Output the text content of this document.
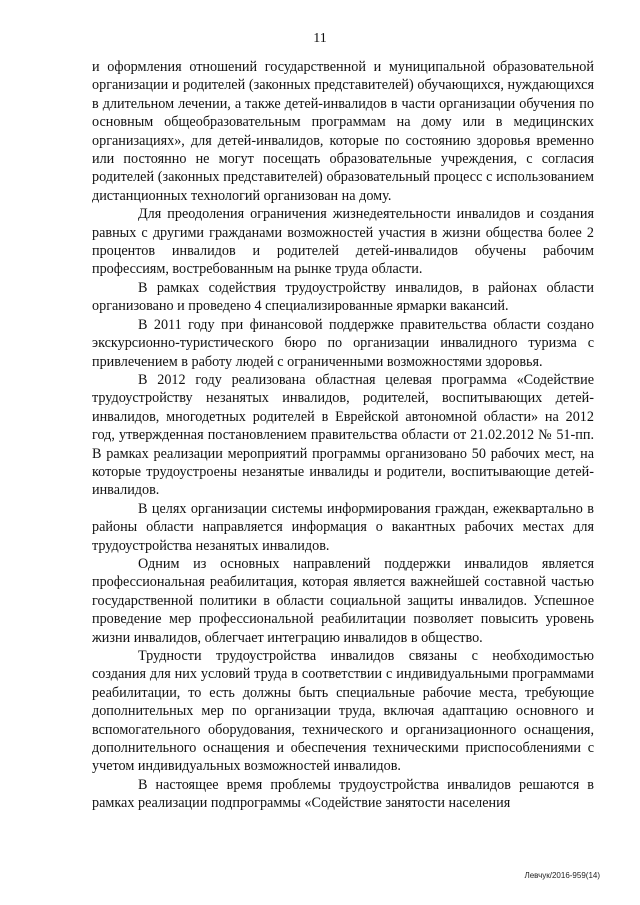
11

и оформления отношений государственной и муниципальной образовательной организации и родителей (законных представителей) обучающихся, нуждающихся в длительном лечении, а также детей-инвалидов в части организации обучения по основным общеобразовательным программам на дому или в медицинских организациях», для детей-инвалидов, которые по состоянию здоровья временно или постоянно не могут посещать образовательные учреждения, с согласия родителей (законных представителей) образовательный процесс с использованием дистанционных технологий организован на дому.

Для преодоления ограничения жизнедеятельности инвалидов и создания равных с другими гражданами возможностей участия в жизни общества более 2 процентов инвалидов и родителей детей-инвалидов обучены рабочим профессиям, востребованным на рынке труда области.

В рамках содействия трудоустройству инвалидов, в районах области организовано и проведено 4 специализированные ярмарки вакансий.

В 2011 году при финансовой поддержке правительства области создано экскурсионно-туристического бюро по организации инвалидного туризма с привлечением в работу людей с ограниченными возможностями здоровья.

В 2012 году реализована областная целевая программа «Содействие трудоустройству незанятых инвалидов, родителей, воспитывающих детей-инвалидов, многодетных родителей в Еврейской автономной области» на 2012 год, утвержденная постановлением правительства области от 21.02.2012 № 51-пп. В рамках реализации мероприятий программы организовано 50 рабочих мест, на которые трудоустроены незанятые инвалиды и родители, воспитывающие детей-инвалидов.

В целях организации системы информирования граждан, ежеквартально в районы области направляется информация о вакантных рабочих местах для трудоустройства незанятых инвалидов.

Одним из основных направлений поддержки инвалидов является профессиональная реабилитация, которая является важнейшей составной частью государственной политики в области социальной защиты инвалидов. Успешное проведение мер профессиональной реабилитации позволяет повысить уровень жизни инвалидов, облегчает интеграцию инвалидов в общество.

Трудности трудоустройства инвалидов связаны с необходимостью создания для них условий труда в соответствии с индивидуальными программами реабилитации, то есть должны быть специальные рабочие места, требующие дополнительных мер по организации труда, включая адаптацию основного и вспомогательного оборудования, технического и организационного оснащения, дополнительного оснащения и обеспечения техническими приспособлениями с учетом индивидуальных возможностей инвалидов.

В настоящее время проблемы трудоустройства инвалидов решаются в рамках реализации подпрограммы «Содействие занятости населения

Левчук/2016-959(14)
